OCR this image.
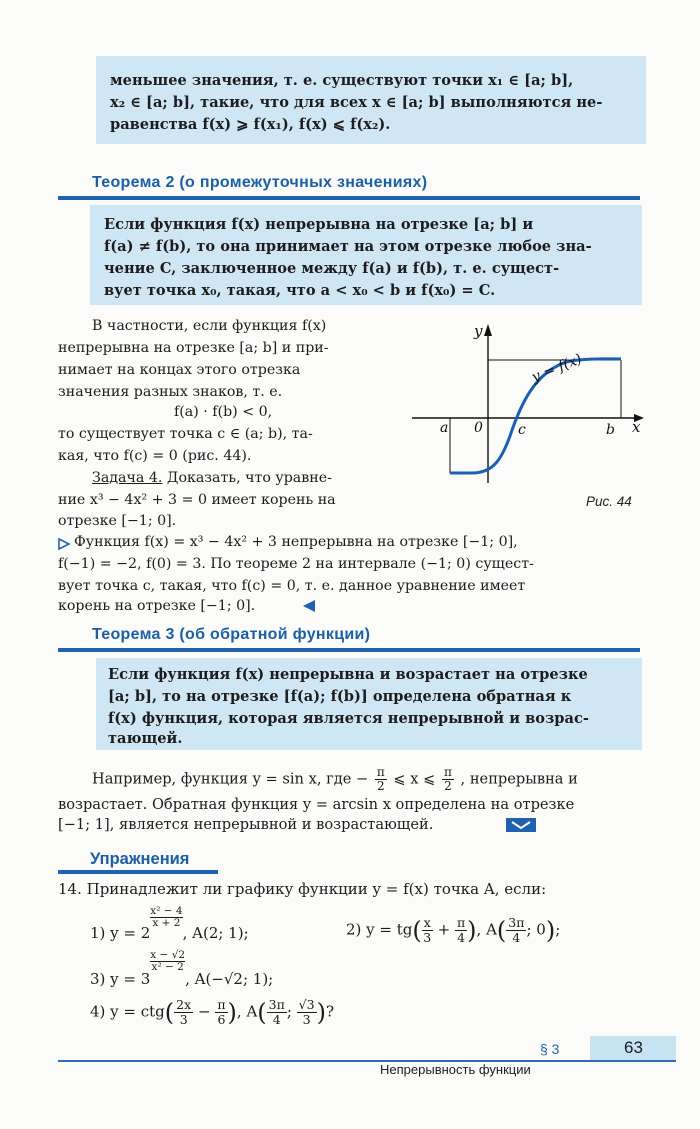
меньшее значения, т. е. существуют точки x₁ ∈ [a; b],
x₂ ∈ [a; b], такие, что для всех x ∈ [a; b] выполняются не-
равенства f(x) ⩾ f(x₁), f(x) ⩽ f(x₂).
Теорема 2 (о промежуточных значениях)
Если функция f(x) непрерывна на отрезке [a; b] и
f(a) ≠ f(b), то она принимает на этом отрезке любое зна-
чение C, заключенное между f(a) и f(b), т. е. сущест-
вует точка x₀, такая, что a < x₀ < b и f(x₀) = C.
В частности, если функция f(x)
непрерывна на отрезке [a; b] и при-
нимает на концах этого отрезка
значения разных знаков, т. е.
f(a) · f(b) < 0,
то существует точка c ∈ (a; b), та-
кая, что f(c) = 0 (рис. 44).
Задача 4. Доказать, что уравне-
ние x³ − 4x² + 3 = 0 имеет корень на
отрезке [−1; 0].
y
x
a 0	c	b
y = f(x)
Рис. 44
Функция f(x) = x³ − 4x² + 3 непрерывна на отрезке [−1; 0],
f(−1) = −2, f(0) = 3. По теореме 2 на интервале (−1; 0) сущест-
вует точка c, такая, что f(c) = 0, т. е. данное уравнение имеет
корень на отрезке [−1; 0].
Теорема 3 (об обратной функции)
Если функция f(x) непрерывна и возрастает на отрезке
[a; b], то на отрезке [f(a); f(b)] определена обратная к
f(x) функция, которая является непрерывной и возрас-
тающей.
Например, функция y = sin x, где − $\frac{\pi}{2}$ ⩽ x ⩽ $\frac{\pi}{2}$ , непрерывна и
возрастает. Обратная функция y = arcsin x определена на отрезке
[−1; 1], является непрерывной и возрастающей.
Упражнения
14. Принадлежит ли графику функции y = f(x) точка A, если:
1) y = 2
$\frac{\text{x² − 4}}{x + 2}$
, A(2; 1);	2) $y = tg( \frac{x}{3} + \frac{\pi}{4}$ ), $A( \frac{3\pi}{4}$ ; 0);
3) y = 3
$\frac{x - √2}{\text{x² − 2}}$
, A(−√2; 1);
4) $y = ctg( \frac{2x}{3} - \frac{\pi}{6}$ ), $A( \frac{3\pi}{4}$ ; $\frac{√3}{3}$ )?
§ 3	63
Непрерывность функции
